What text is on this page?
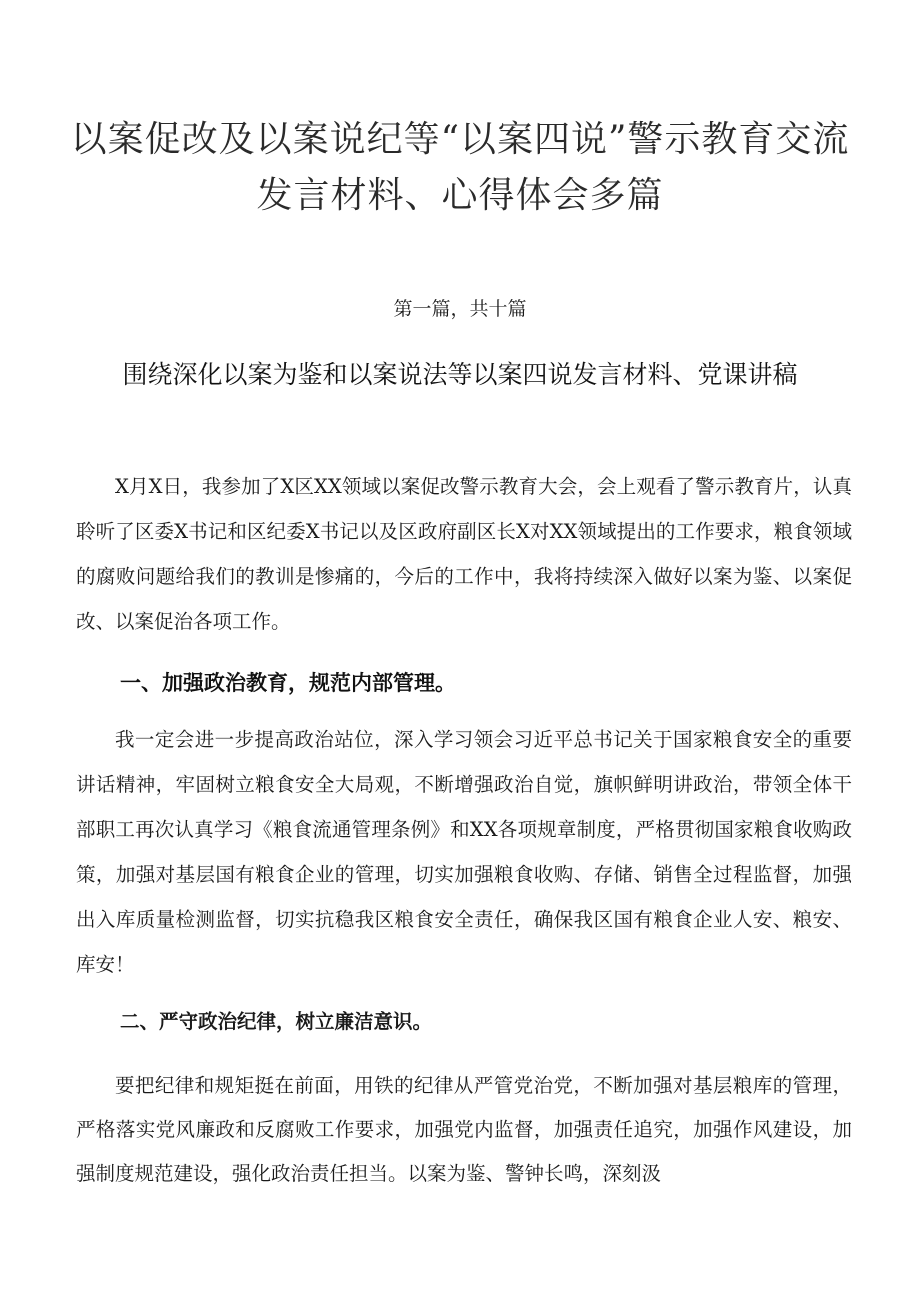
以案促改及以案说纪等“以案四说”警示教育交流发言材料、心得体会多篇
第一篇，共十篇
围绕深化以案为鉴和以案说法等以案四说发言材料、党课讲稿

X月X日，我参加了X区XX领域以案促改警示教育大会，会上观看了警示教育片，认真聆听了区委X书记和区纪委X书记以及区政府副区长X对XX领域提出的工作要求，粮食领域的腐败问题给我们的教训是惨痛的，今后的工作中，我将持续深入做好以案为鉴、以案促改、以案促治各项工作。

一、加强政治教育，规范内部管理。

我一定会进一步提高政治站位，深入学习领会习近平总书记关于国家粮食安全的重要讲话精神，牢固树立粮食安全大局观，不断增强政治自觉，旗帜鲜明讲政治，带领全体干部职工再次认真学习《粮食流通管理条例》和XX各项规章制度，严格贯彻国家粮食收购政策，加强对基层国有粮食企业的管理，切实加强粮食收购、存储、销售全过程监督，加强出入库质量检测监督，切实抗稳我区粮食安全责任，确保我区国有粮食企业人安、粮安、库安！

二、严守政治纪律，树立廉洁意识。

要把纪律和规矩挺在前面，用铁的纪律从严管党治党，不断加强对基层粮库的管理，严格落实党风廉政和反腐败工作要求，加强党内监督，加强责任追究，加强作风建设，加强制度规范建设，强化政治责任担当。以案为鉴、警钟长鸣，深刻汲
